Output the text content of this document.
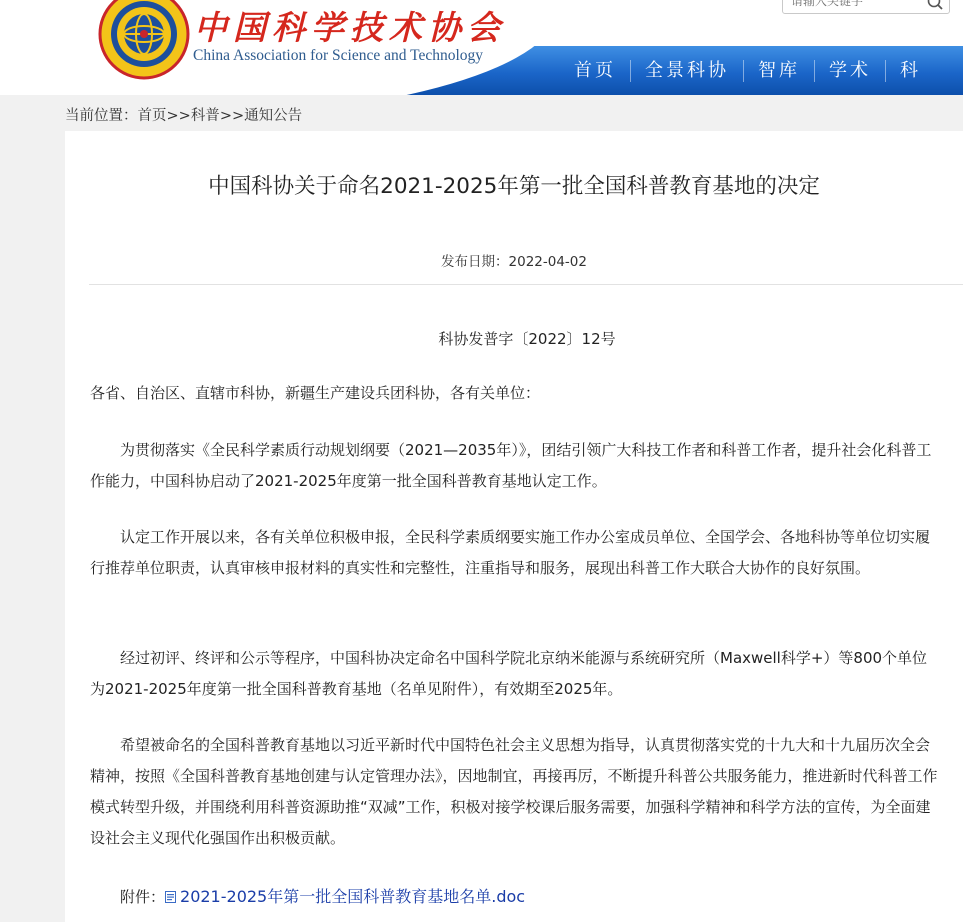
中国科学技术协会
China Association for Science and Technology
请输入关键字
首页	全景科协	智库	学术	科
当前位置：首页>>科普>>通知公告
中国科协关于命名2021-2025年第一批全国科普教育基地的决定
发布日期：2022-04-02
科协发普字〔2022〕12号
各省、自治区、直辖市科协，新疆生产建设兵团科协，各有关单位：
为贯彻落实《全民科学素质行动规划纲要（2021—2035年）》，团结引领广大科技工作者和科普工作者，提升社会化科普工作能力，中国科协启动了2021-2025年度第一批全国科普教育基地认定工作。
认定工作开展以来，各有关单位积极申报，全民科学素质纲要实施工作办公室成员单位、全国学会、各地科协等单位切实履行推荐单位职责，认真审核申报材料的真实性和完整性，注重指导和服务，展现出科普工作大联合大协作的良好氛围。
经过初评、终评和公示等程序，中国科协决定命名中国科学院北京纳米能源与系统研究所（Maxwell科学+）等800个单位为2021-2025年度第一批全国科普教育基地（名单见附件），有效期至2025年。
希望被命名的全国科普教育基地以习近平新时代中国特色社会主义思想为指导，认真贯彻落实党的十九大和十九届历次全会精神，按照《全国科普教育基地创建与认定管理办法》，因地制宜，再接再厉，不断提升科普公共服务能力，推进新时代科普工作模式转型升级，并围绕利用科普资源助推“双减”工作，积极对接学校课后服务需要，加强科学精神和科学方法的宣传，为全面建设社会主义现代化强国作出积极贡献。
附件： 2021-2025年第一批全国科普教育基地名单.doc
